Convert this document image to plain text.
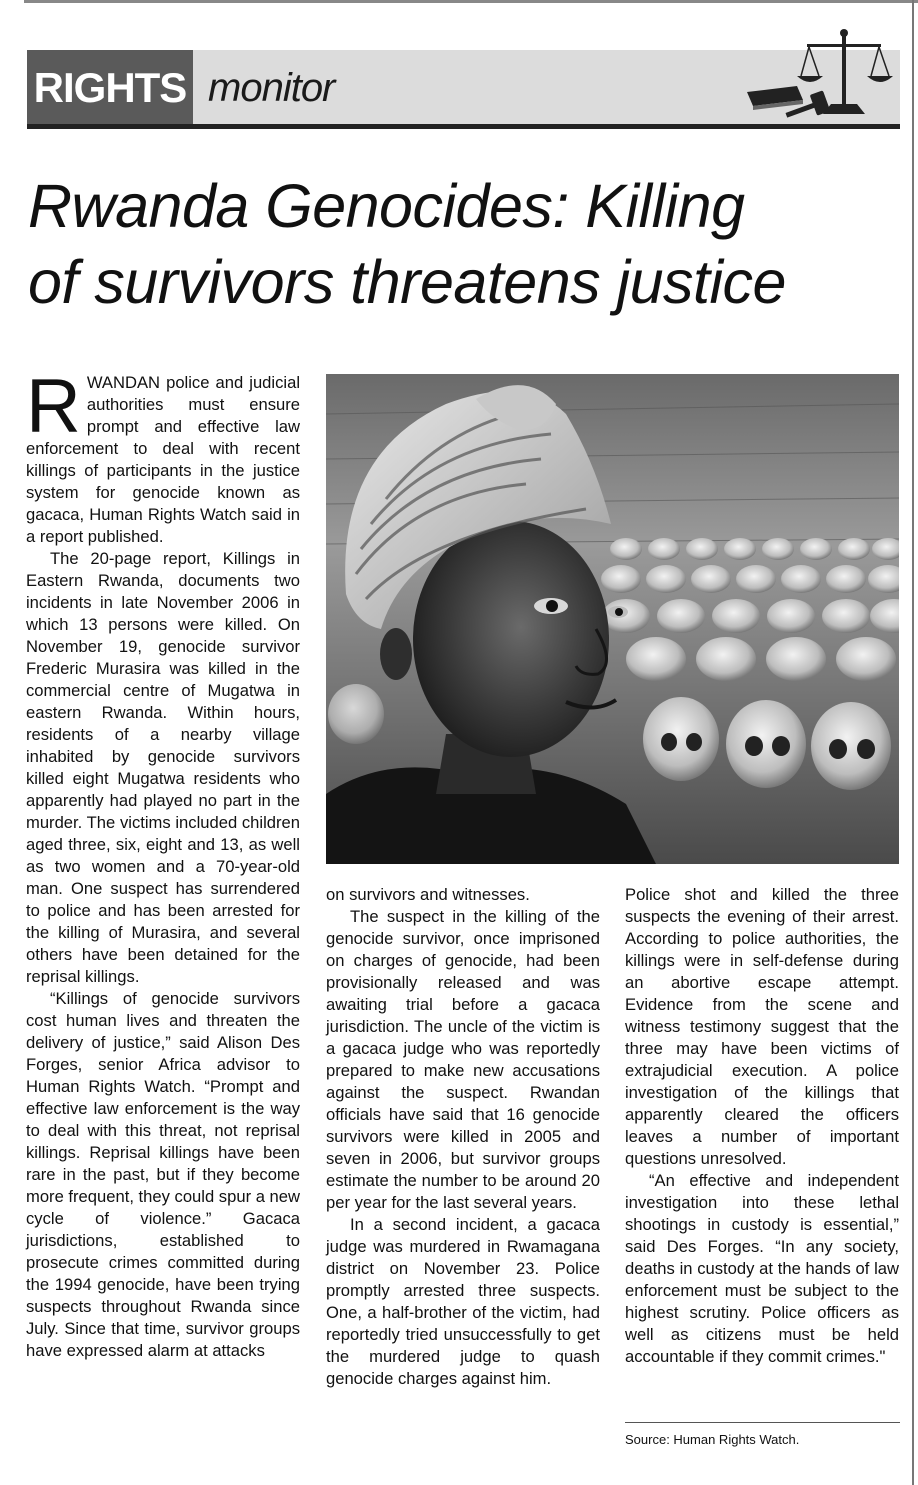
RIGHTS monitor
Rwanda Genocides: Killing
of survivors threatens justice

RWANDAN police and judicial authorities must ensure prompt and effective law enforcement to deal with recent killings of participants in the justice system for genocide known as gacaca, Human Rights Watch said in a report published.

The 20-page report, Killings in Eastern Rwanda, documents two incidents in late November 2006 in which 13 persons were killed. On November 19, genocide survivor Frederic Murasira was killed in the commercial centre of Mugatwa in eastern Rwanda. Within hours, residents of a nearby village inhabited by genocide survivors killed eight Mugatwa residents who apparently had played no part in the murder. The victims included children aged three, six, eight and 13, as well as two women and a 70-year-old man. One suspect has surrendered to police and has been arrested for the killing of Murasira, and several others have been detained for the reprisal killings.

“Killings of genocide survivors cost human lives and threaten the delivery of justice,” said Alison Des Forges, senior Africa advisor to Human Rights Watch. “Prompt and effective law enforcement is the way to deal with this threat, not reprisal killings. Reprisal killings have been rare in the past, but if they become more frequent, they could spur a new cycle of violence.” Gacaca jurisdictions, established to prosecute crimes committed during the 1994 genocide, have been trying suspects throughout Rwanda since July. Since that time, survivor groups have expressed alarm at attacks

on survivors and witnesses.

The suspect in the killing of the genocide survivor, once imprisoned on charges of genocide, had been provisionally released and was awaiting trial before a gacaca jurisdiction. The uncle of the victim is a gacaca judge who was reportedly prepared to make new accusations against the suspect. Rwandan officials have said that 16 genocide survivors were killed in 2005 and seven in 2006, but survivor groups estimate the number to be around 20 per year for the last several years.

In a second incident, a gacaca judge was murdered in Rwamagana district on November 23. Police promptly arrested three suspects. One, a half-brother of the victim, had reportedly tried unsuccessfully to get the murdered judge to quash genocide charges against him.

Police shot and killed the three suspects the evening of their arrest. According to police authorities, the killings were in self-defense during an abortive escape attempt. Evidence from the scene and witness testimony suggest that the three may have been victims of extrajudicial execution. A police investigation of the killings that apparently cleared the officers leaves a number of important questions unresolved.

“An effective and independent investigation into these lethal shootings in custody is essential,” said Des Forges. “In any society, deaths in custody at the hands of law enforcement must be subject to the highest scrutiny. Police officers as well as citizens must be held accountable if they commit crimes."

Source: Human Rights Watch.
